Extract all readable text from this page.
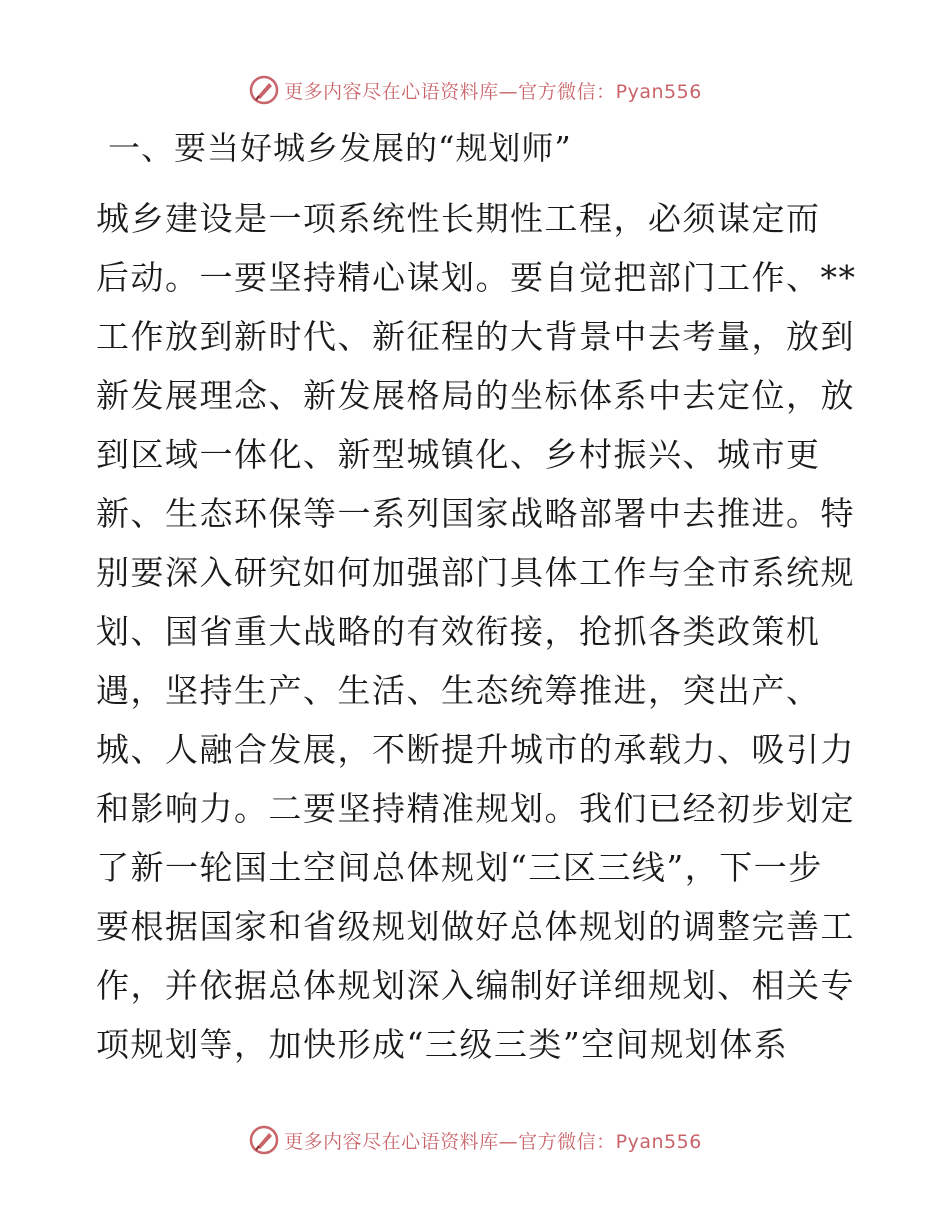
更多内容尽在心语资料库—官方微信：Pyan556
一、要当好城乡发展的“规划师”
城乡建设是一项系统性长期性工程，必须谋定而
后动。一要坚持精心谋划。要自觉把部门工作、**
工作放到新时代、新征程的大背景中去考量，放到
新发展理念、新发展格局的坐标体系中去定位，放
到区域一体化、新型城镇化、乡村振兴、城市更
新、生态环保等一系列国家战略部署中去推进。特
别要深入研究如何加强部门具体工作与全市系统规
划、国省重大战略的有效衔接，抢抓各类政策机
遇，坚持生产、生活、生态统筹推进，突出产、
城、人融合发展，不断提升城市的承载力、吸引力
和影响力。二要坚持精准规划。我们已经初步划定
了新一轮国土空间总体规划“三区三线”，下一步
要根据国家和省级规划做好总体规划的调整完善工
作，并依据总体规划深入编制好详细规划、相关专
项规划等，加快形成“三级三类”空间规划体系
更多内容尽在心语资料库—官方微信：Pyan556
